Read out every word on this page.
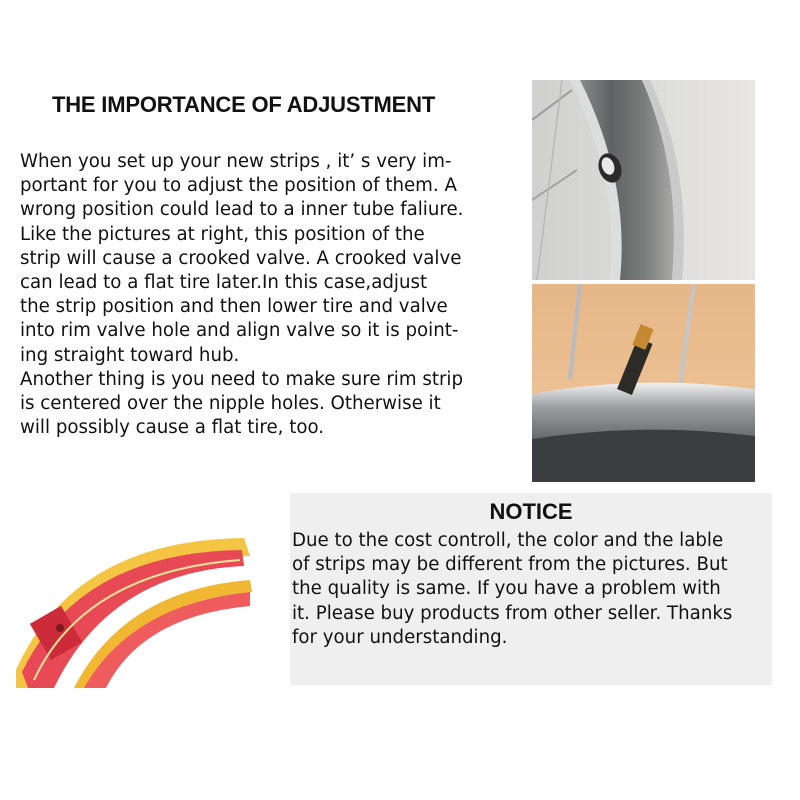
THE IMPORTANCE OF ADJUSTMENT

When you set up your new strips , it’ s very im-

portant for you to adjust the position of them. A

wrong position could lead to a inner tube faliure.

Like the pictures at right, this position of the

strip will cause a crooked valve. A crooked valve

can lead to a flat tire later.In this case,adjust

the strip position and then lower tire and valve

into rim valve hole and align valve so it is point-

ing straight toward hub.

Another thing is you need to make sure rim strip

is centered over the nipple holes. Otherwise it

will possibly cause a flat tire, too.

NOTICE
Due to the cost controll, the color and the lable
of strips may be different from the pictures. But
the quality is same. If you have a problem with
it. Please buy products from other seller. Thanks
for your understanding.
